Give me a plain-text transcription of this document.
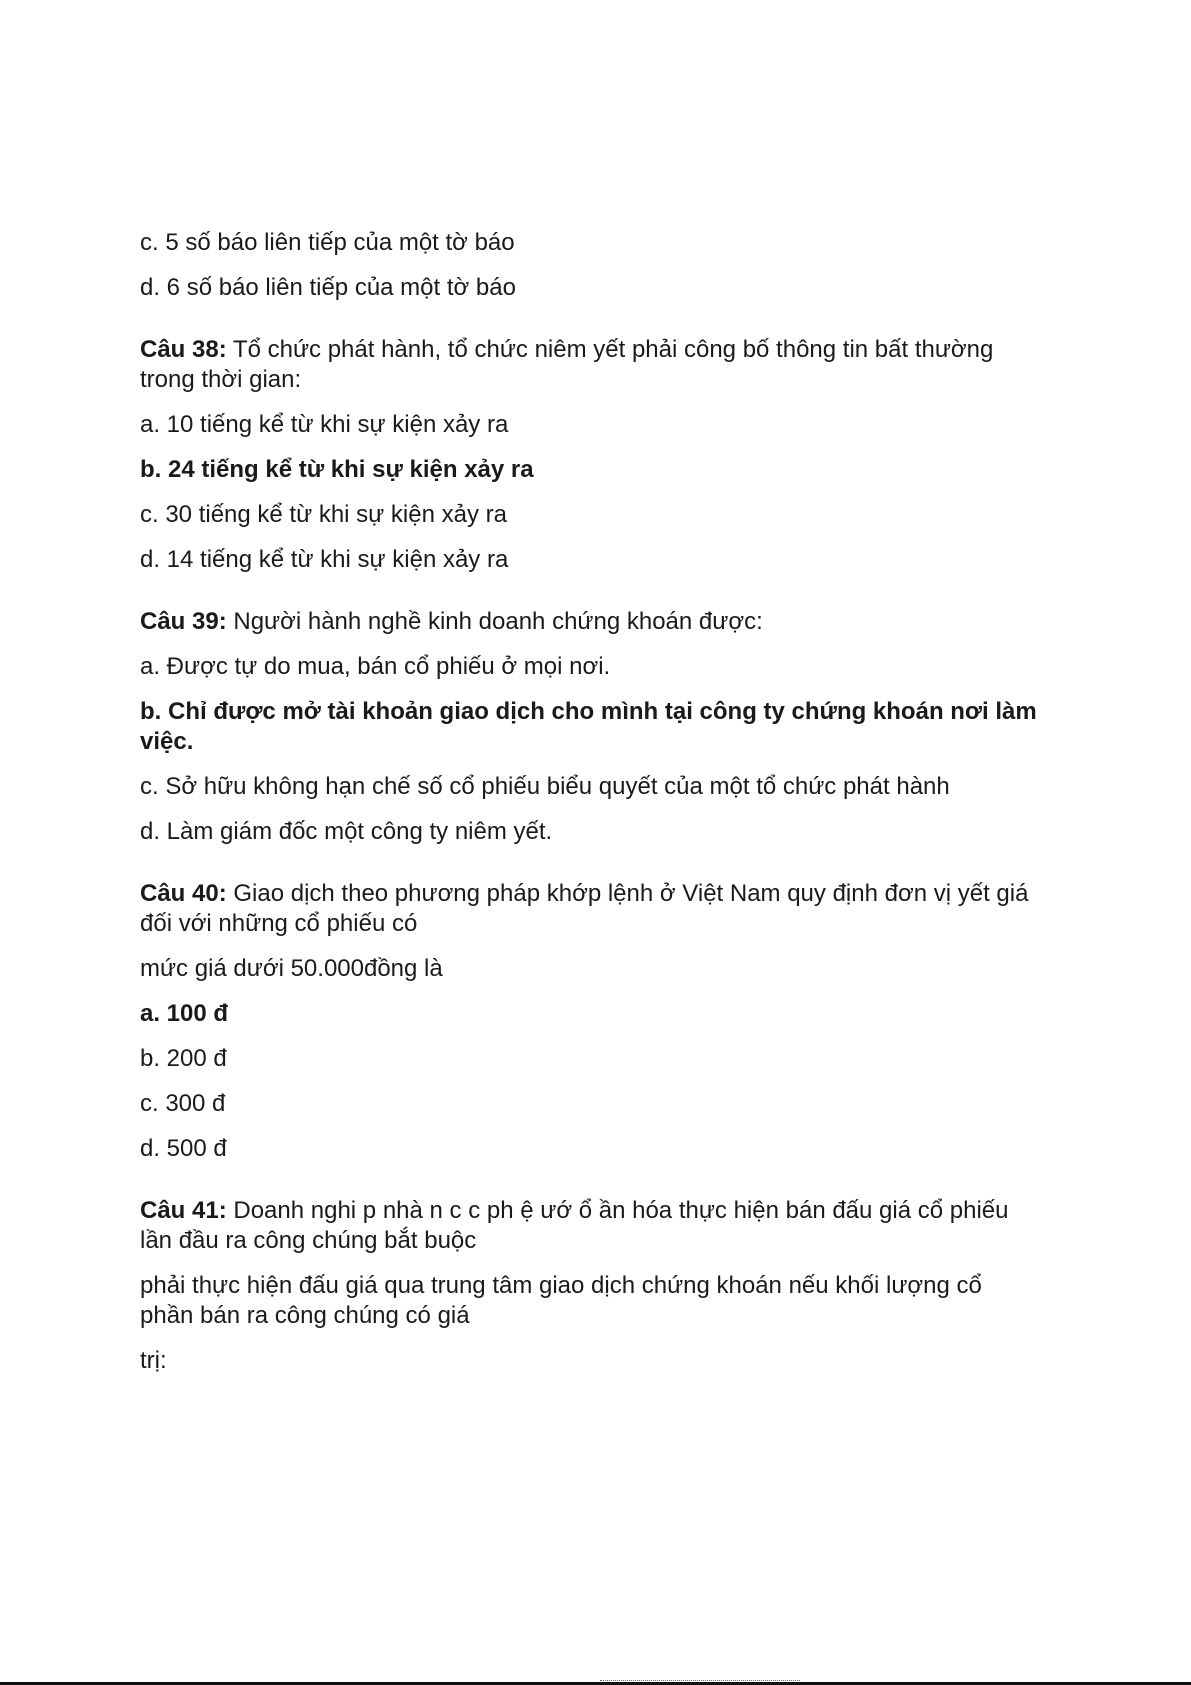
c. 5 số báo liên tiếp của một tờ báo

d. 6 số báo liên tiếp của một tờ báo

Câu 38: Tổ chức phát hành, tổ chức niêm yết phải công bố thông tin bất thường trong thời gian:

a. 10 tiếng kể từ khi sự kiện xảy ra

b. 24 tiếng kể từ khi sự kiện xảy ra

c. 30 tiếng kể từ khi sự kiện xảy ra

d. 14 tiếng kể từ khi sự kiện xảy ra

Câu 39: Người hành nghề kinh doanh chứng khoán được:

a. Được tự do mua, bán cổ phiếu ở mọi nơi.

b. Chỉ được mở tài khoản giao dịch cho mình tại công ty chứng khoán nơi làm việc.

c. Sở hữu không hạn chế số cổ phiếu biểu quyết của một tổ chức phát hành

d. Làm giám đốc một công ty niêm yết.

Câu 40: Giao dịch theo phương pháp khớp lệnh ở Việt Nam quy định đơn vị yết giá đối với những cổ phiếu có

mức giá dưới 50.000đồng là

a. 100 đ

b. 200 đ

c. 300 đ

d. 500 đ

Câu 41: Doanh nghi p nhà n c c ph ệ ướ ổ ần hóa thực hiện bán đấu giá cổ phiếu lần đầu ra công chúng bắt buộc

phải thực hiện đấu giá qua trung tâm giao dịch chứng khoán nếu khối lượng cổ phần bán ra công chúng có giá

trị:
